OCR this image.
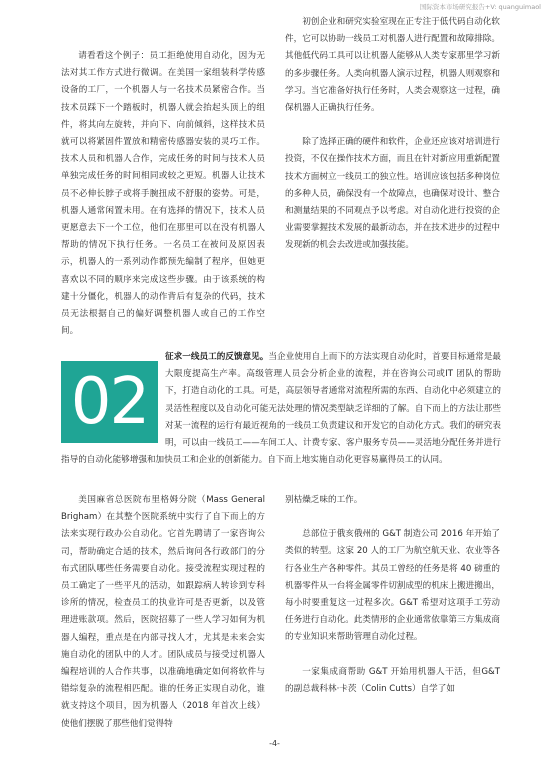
国际资本市场研究报告+V: quanguimaol

请看看这个例子：员工拒绝使用自动化，因为无法对其工作方式进行微调。在美国一家组装科学传感设备的工厂，一个机器人与一名技术员紧密合作。当技术员踩下一个踏板时，机器人就会抬起头顶上的组件，将其向左旋转，并向下、向前倾斜，这样技术员就可以将紧固件置放和精密传感器安装的灵巧工作。技术人员和机器人合作，完成任务的时间与技术人员单独完成任务的时间相同或较之更短。机器人让技术员不必伸长脖子或将手腕扭成不舒服的姿势。可是，机器人通常闲置未用。在有选择的情况下，技术人员更愿意去下一个工位，他们在那里可以在没有机器人帮助的情况下执行任务。一名员工在被问及原因表示，机器人的一系列动作都预先编制了程序，但她更喜欢以不同的顺序来完成这些步骤。由于该系统的构建十分僵化，机器人的动作背后有复杂的代码，技术员无法根据自己的偏好调整机器人或自己的工作空间。

初创企业和研究实验室现在正专注于低代码自动化软件，它可以协助一线员工对机器人进行配置和故障排除。其他低代码工具可以让机器人能够从人类专家那里学习新的多步骤任务。人类向机器人演示过程，机器人则观察和学习。当它准备好执行任务时，人类会观察这一过程，确保机器人正确执行任务。

除了选择正确的硬件和软件，企业还应该对培训进行投资，不仅在操作技术方面，而且在针对新应用重新配置技术方面树立一线员工的独立性。培训应该包括多种岗位的多种人员，确保没有一个故障点，也确保对设计、整合和测量结果的不同观点予以考虑。对自动化进行投资的企业需要掌握技术发展的最新动态，并在技术进步的过程中发现新的机会去改进或加强技能。

02
征求一线员工的反馈意见。当企业使用自上而下的方法实现自动化时，首要目标通常是最大限度提高生产率。高级管理人员会分析企业的流程，并在咨询公司或IT 团队的帮助下，打造自动化的工具。可是，高层领导者通常对流程所需的东西、自动化中必须建立的灵活性程度以及自动化可能无法处理的情况类型缺乏详细的了解。自下而上的方法让那些对某一流程的运行有最近视角的一线员工负责建议和开发它的自动化方式。我们的研究表明，可以由一线员工——车间工人、计费专家、客户服务专员——灵活地分配任务并进行指导的自动化能够增强和加快员工和企业的创新能力。自下而上地实施自动化更容易赢得员工的认同。

美国麻省总医院布里格姆分院（Mass General Brigham）在其整个医院系统中实行了自下而上的方法来实现行政办公自动化。它首先聘请了一家咨询公司，帮助确定合适的技术，然后询问各行政部门的分布式团队哪些任务需要自动化。接受流程实现过程的员工确定了一些平凡的活动，如跟踪病人转诊到专科诊所的情况，检查员工的执业许可是否更新，以及管理进账款项。然后，医院招募了一些人学习如何为机器人编程，重点是在内部寻找人才，尤其是未来会实施自动化的团队中的人才。团队成员与接受过机器人编程培训的人合作共事，以准确地确定如何将软件与错综复杂的流程相匹配。谁的任务正实现自动化，谁就支持这个项目，因为机器人（2018 年首次上线）使他们摆脱了那些他们觉得特

别枯燥乏味的工作。

总部位于俄亥俄州的 G&T 制造公司 2016 年开始了类似的转型。这家 20 人的工厂为航空航天业、农业等各行各业生产各种零件。其员工曾经的任务是将 40 磅重的机器零件从一台将金属零件切割成型的机床上搬进搬出，每小时要重复这一过程多次。G&T 希望对这项手工劳动任务进行自动化。此类情形的企业通常依靠第三方集成商的专业知识来帮助管理自动化过程。

一家集成商帮助 G&T 开始用机器人干活，但G&T 的副总裁科林·卡茨（Colin Cutts）自学了如

-4-
